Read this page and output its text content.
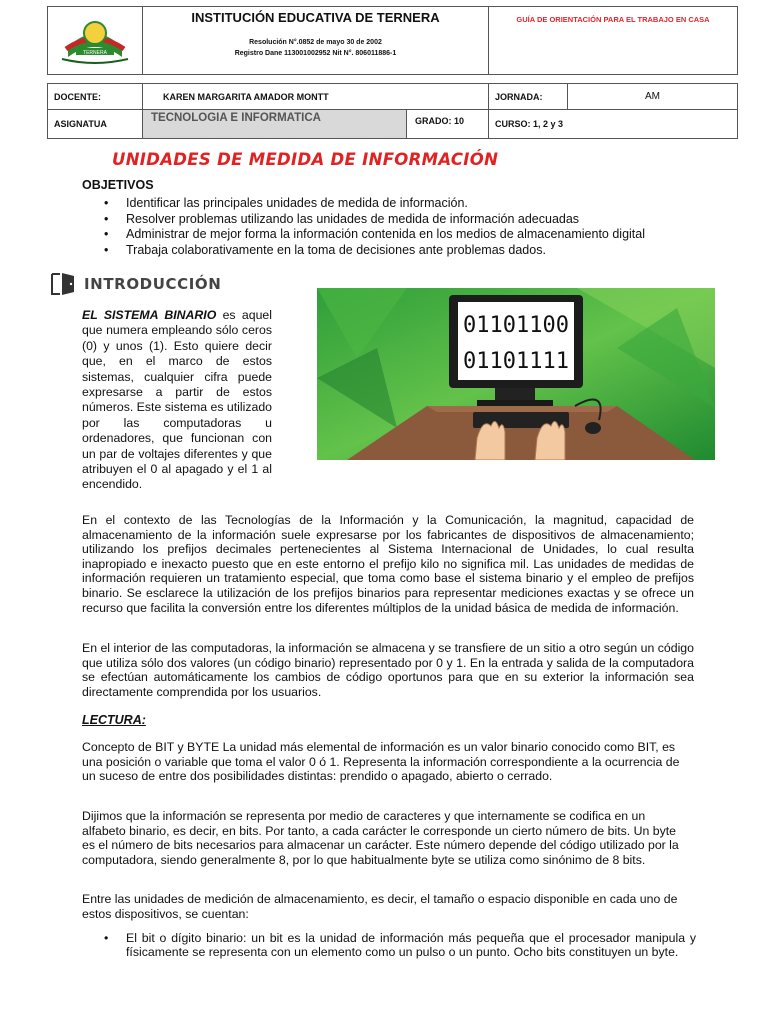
TERNERA	INSTITUCIÓN EDUCATIVA DE TERNERA
Resolución N°.0852 de mayo 30 de 2002
Registro Dane 113001002952 Nit N°. 806011886-1	GUÍA DE ORIENTACIÓN PARA EL TRABAJO EN CASA	

DOCENTE:	KAREN MARGARITA AMADOR MONTT	JORNADA:	AM
ASIGNATUA	TECNOLOGIA E INFORMATICA GRADO: 10	CURSO: 1, 2 y 3	
UNIDADES DE MEDIDA DE INFORMACIÓN
OBJETIVOS
• Identificar las principales unidades de medida de información.
• Resolver problemas utilizando las unidades de medida de información adecuadas
• Administrar de mejor forma la información contenida en los medios de almacenamiento digital
• Trabaja colaborativamente en la toma de decisiones ante problemas dados.
INTRODUCCIÓN
EL SISTEMA BINARIO es aquel que numera empleando sólo ceros (0) y unos (1). Esto quiere decir que, en el marco de estos sistemas, cualquier cifra puede expresarse a partir de estos números. Este sistema es utilizado por las computadoras u ordenadores, que funcionan con un par de voltajes diferentes y que atribuyen el 0 al apagado y el 1 al encendido.
01101100
01101111
En el contexto de las Tecnologías de la Información y la Comunicación, la magnitud, capacidad de almacenamiento de la información suele expresarse por los fabricantes de dispositivos de almacenamiento; utilizando los prefijos decimales pertenecientes al Sistema Internacional de Unidades, lo cual resulta inapropiado e inexacto puesto que en este entorno el prefijo kilo no significa mil. Las unidades de medidas de información requieren un tratamiento especial, que toma como base el sistema binario y el empleo de prefijos binario. Se esclarece la utilización de los prefijos binarios para representar mediciones exactas y se ofrece un recurso que facilita la conversión entre los diferentes múltiplos de la unidad básica de medida de información.
En el interior de las computadoras, la información se almacena y se transfiere de un sitio a otro según un código que utiliza sólo dos valores (un código binario) representado por 0 y 1. En la entrada y salida de la computadora se efectúan automáticamente los cambios de código oportunos para que en su exterior la información sea directamente comprendida por los usuarios.
LECTURA:
Concepto de BIT y BYTE La unidad más elemental de información es un valor binario conocido como BIT, es una posición o variable que toma el valor 0 ó 1. Representa la información correspondiente a la ocurrencia de un suceso de entre dos posibilidades distintas: prendido o apagado, abierto o cerrado.
Dijimos que la información se representa por medio de caracteres y que internamente se codifica en un alfabeto binario, es decir, en bits. Por tanto, a cada carácter le corresponde un cierto número de bits. Un byte es el número de bits necesarios para almacenar un carácter. Este número depende del código utilizado por la computadora, siendo generalmente 8, por lo que habitualmente byte se utiliza como sinónimo de 8 bits.
Entre las unidades de medición de almacenamiento, es decir, el tamaño o espacio disponible en cada uno de estos dispositivos, se cuentan:
• El bit o dígito binario: un bit es la unidad de información más pequeña que el procesador manipula y físicamente se representa con un elemento como un pulso o un punto. Ocho bits constituyen un byte.
